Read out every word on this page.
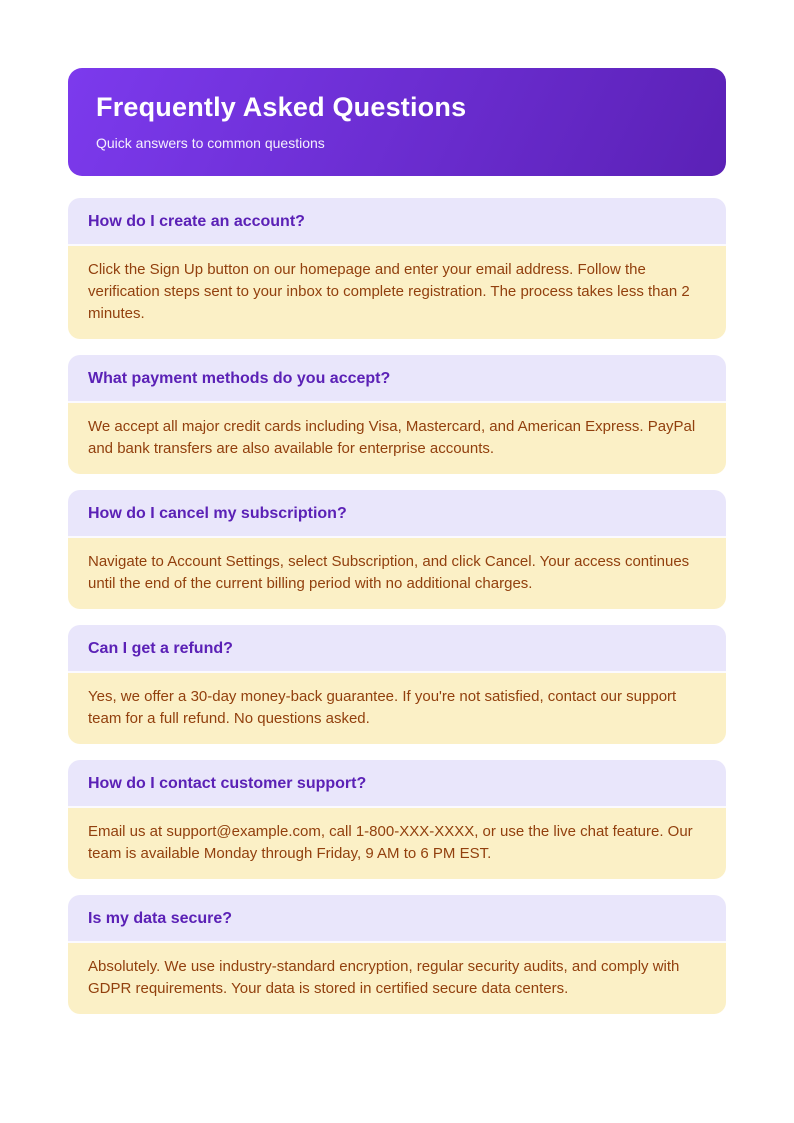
Frequently Asked Questions
Quick answers to common questions
How do I create an account?

Click the Sign Up button on our homepage and enter your email address. Follow the verification steps sent to your inbox to complete registration. The process takes less than 2 minutes.

What payment methods do you accept?

We accept all major credit cards including Visa, Mastercard, and American Express. PayPal and bank transfers are also available for enterprise accounts.

How do I cancel my subscription?

Navigate to Account Settings, select Subscription, and click Cancel. Your access continues until the end of the current billing period with no additional charges.

Can I get a refund?

Yes, we offer a 30-day money-back guarantee. If you're not satisfied, contact our support team for a full refund. No questions asked.

How do I contact customer support?

Email us at support@example.com, call 1-800-XXX-XXXX, or use the live chat feature. Our team is available Monday through Friday, 9 AM to 6 PM EST.

Is my data secure?

Absolutely. We use industry-standard encryption, regular security audits, and comply with GDPR requirements. Your data is stored in certified secure data centers.
